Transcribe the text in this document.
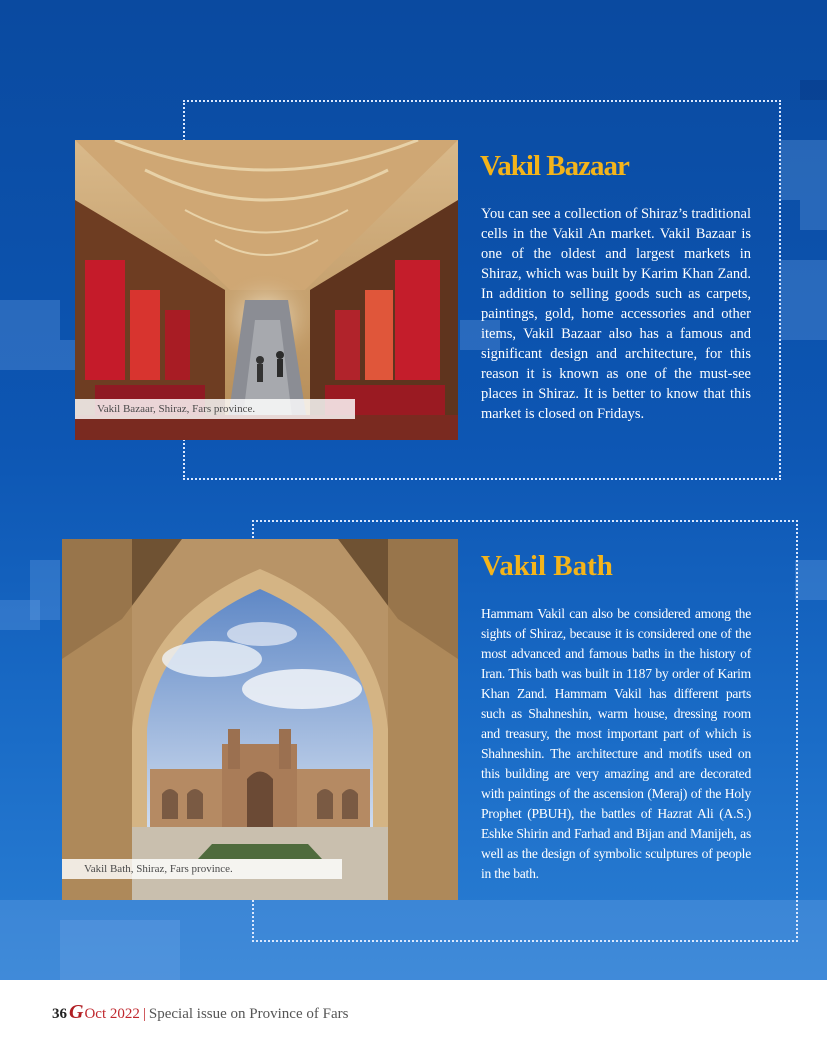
Vakil Bazaar, Shiraz, Fars province.
Vakil Bazaar

You can see a collection of Shiraz’s traditional cells in the Vakil An market. Vakil Bazaar is one of the oldest and largest markets in Shiraz, which was built by Karim Khan Zand. In addition to selling goods such as carpets, paintings, gold, home accessories and other items, Vakil Bazaar also has a famous and significant design and architecture, for this reason it is known as one of the must-see places in Shiraz. It is better to know that this market is closed on Fridays.

Vakil Bath, Shiraz, Fars province.
Vakil Bath

Hammam Vakil can also be considered among the sights of Shiraz, because it is considered one of the most advanced and famous baths in the history of Iran. This bath was built in 1187 by order of Karim Khan Zand. Hammam Vakil has different parts such as Shahneshin, warm house, dressing room and treasury, the most important part of which is Shahneshin. The architecture and motifs used on this building are very amazing and are decorated with paintings of the ascension (Meraj) of the Holy Prophet (PBUH), the battles of Hazrat Ali (A.S.) Eshke Shirin and Farhad and Bijan and Manijeh, as well as the design of symbolic sculptures of people in the bath.

36 GOct 2022 | Special issue on Province of Fars
